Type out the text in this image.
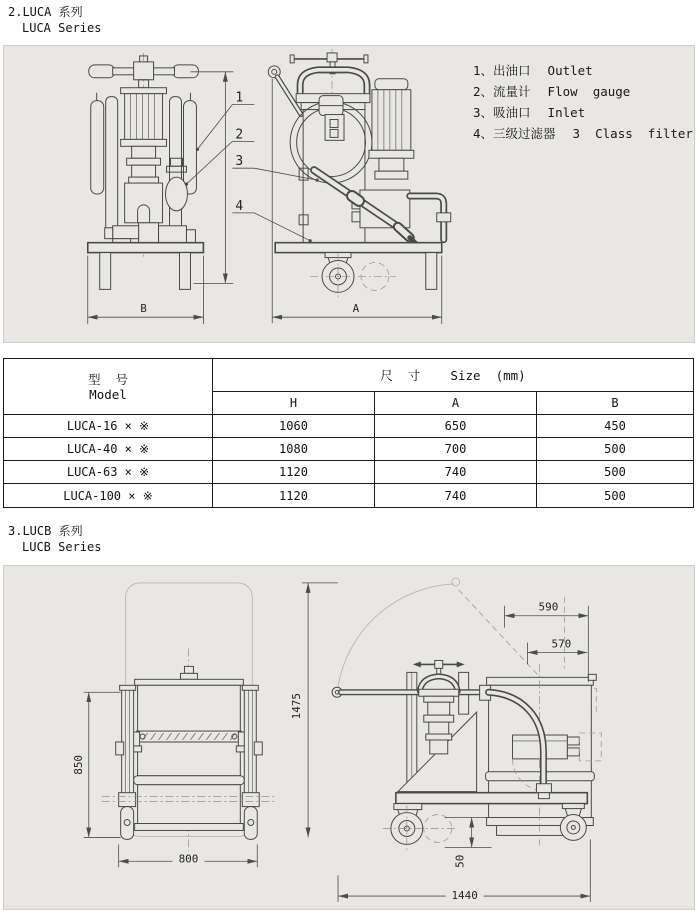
2.LUCA 系列
LUCA Series
B	A
1
2
3
4
1、 出油口 Outlet
2、 流量计 Flow  gauge
3、 吸油口 Inlet
4、 三级过滤器 3  Class  filter
型  号
Model
尺  寸    Size  (mm)
H	A	B
LUCA-16 × ※	1060	650	450
LUCA-40 × ※	1080	700	500
LUCA-63 × ※	1120	740	500
LUCA-100 × ※	1120	740	500
3.LUCB 系列
LUCB Series
850
800
1475
590
570
50
1440
